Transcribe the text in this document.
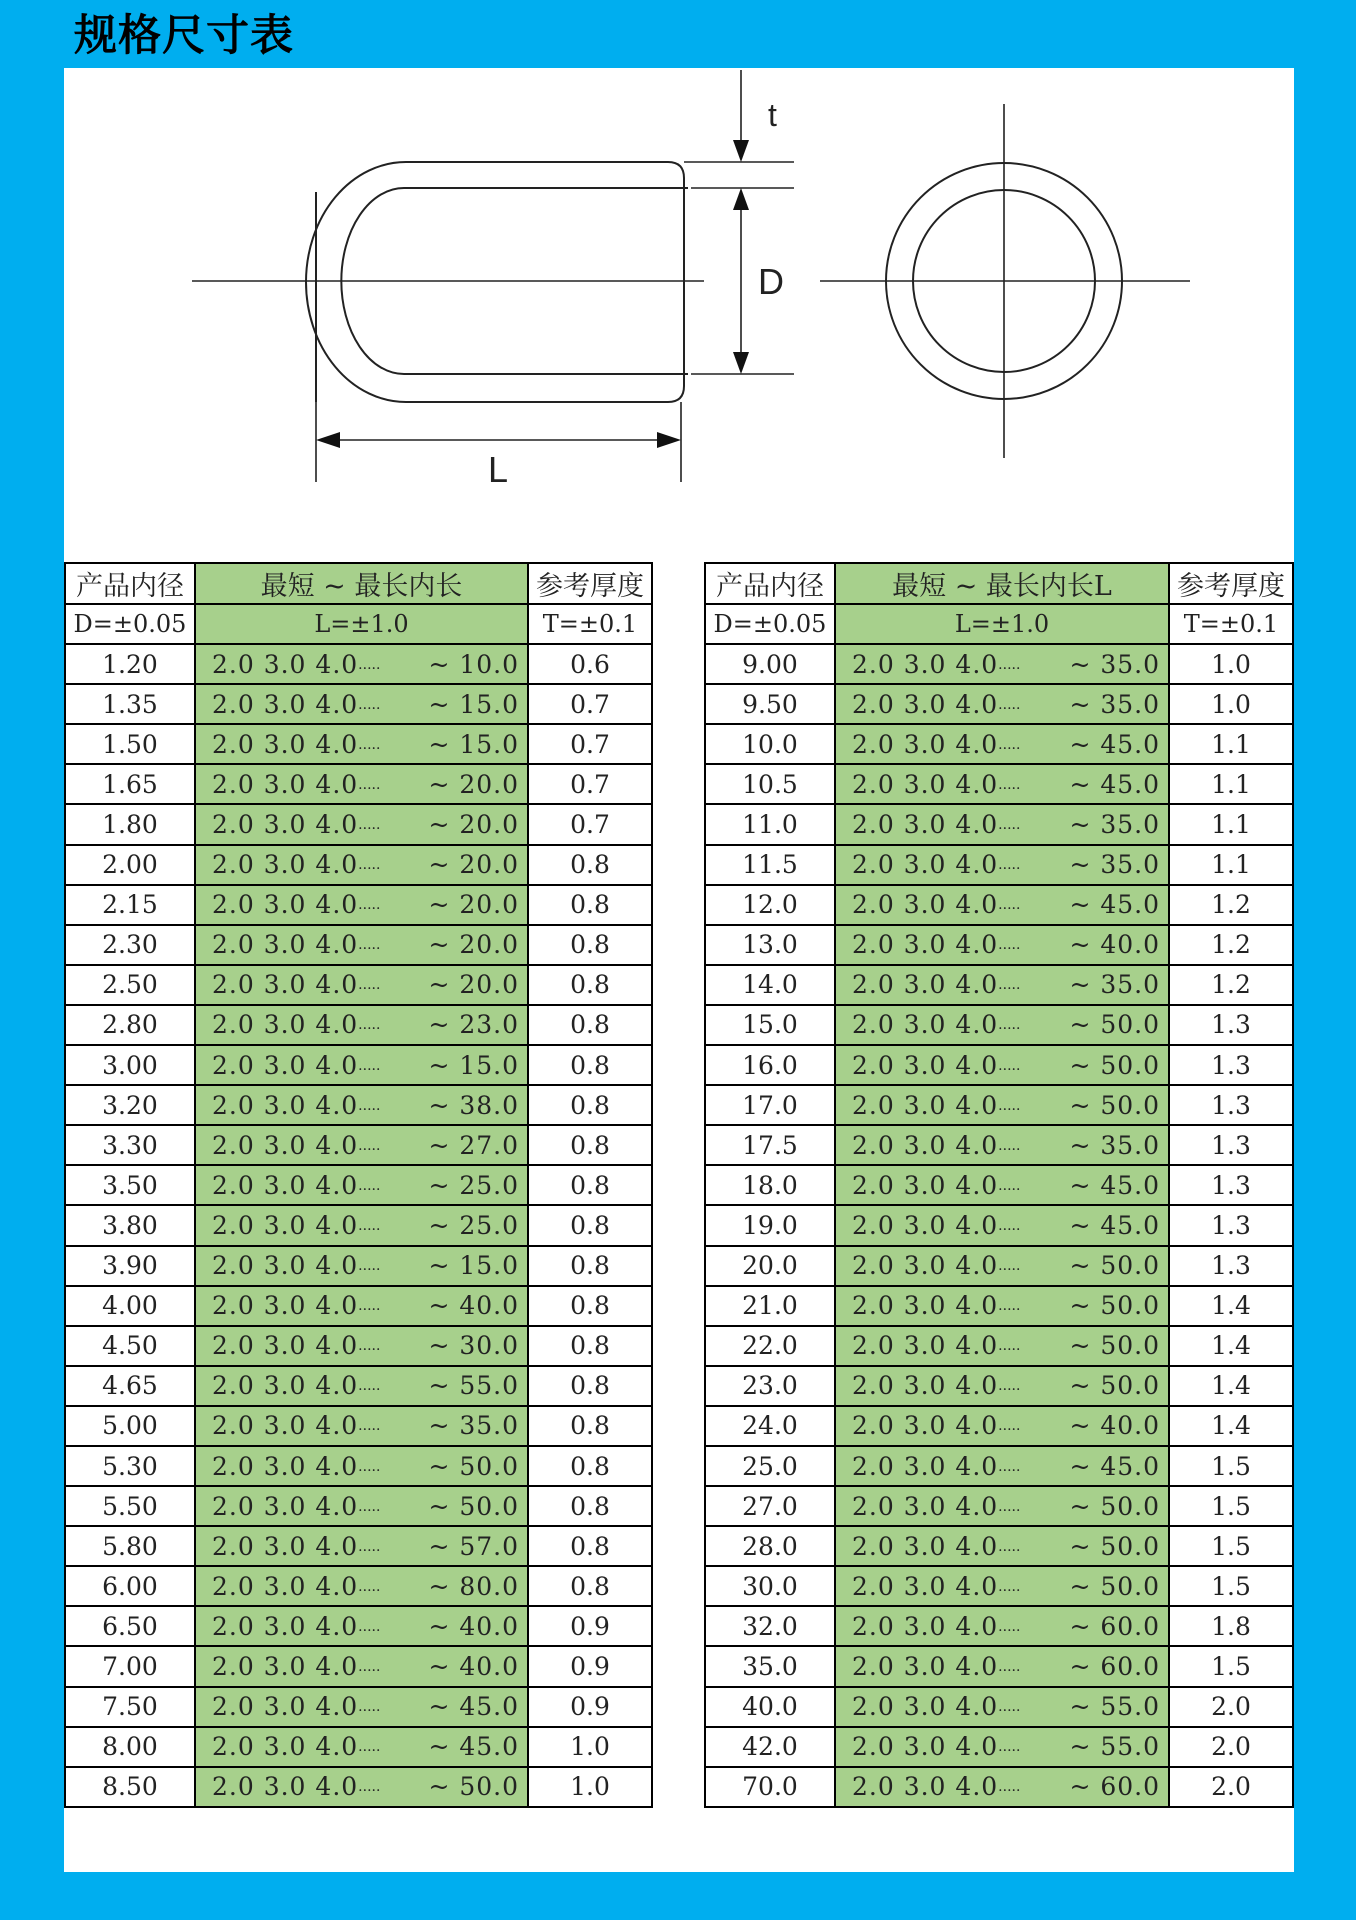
规格尺寸表
t
D
L
产品内径	最短 ~ 最长内长	参考厚度
D=±0.05	L=±1.0	T=±0.1
1.20	2.0 3.0 4.0····· ~ 10.0	0.6
1.35	2.0 3.0 4.0····· ~ 15.0	0.7
1.50	2.0 3.0 4.0····· ~ 15.0	0.7
1.65	2.0 3.0 4.0····· ~ 20.0	0.7
1.80	2.0 3.0 4.0····· ~ 20.0	0.7
2.00	2.0 3.0 4.0····· ~ 20.0	0.8
2.15	2.0 3.0 4.0····· ~ 20.0	0.8
2.30	2.0 3.0 4.0····· ~ 20.0	0.8
2.50	2.0 3.0 4.0····· ~ 20.0	0.8
2.80	2.0 3.0 4.0····· ~ 23.0	0.8
3.00	2.0 3.0 4.0····· ~ 15.0	0.8
3.20	2.0 3.0 4.0····· ~ 38.0	0.8
3.30	2.0 3.0 4.0····· ~ 27.0	0.8
3.50	2.0 3.0 4.0····· ~ 25.0	0.8
3.80	2.0 3.0 4.0····· ~ 25.0	0.8
3.90	2.0 3.0 4.0····· ~ 15.0	0.8
4.00	2.0 3.0 4.0····· ~ 40.0	0.8
4.50	2.0 3.0 4.0····· ~ 30.0	0.8
4.65	2.0 3.0 4.0····· ~ 55.0	0.8
5.00	2.0 3.0 4.0····· ~ 35.0	0.8
5.30	2.0 3.0 4.0····· ~ 50.0	0.8
5.50	2.0 3.0 4.0····· ~ 50.0	0.8
5.80	2.0 3.0 4.0····· ~ 57.0	0.8
6.00	2.0 3.0 4.0····· ~ 80.0	0.8
6.50	2.0 3.0 4.0····· ~ 40.0	0.9
7.00	2.0 3.0 4.0····· ~ 40.0	0.9
7.50	2.0 3.0 4.0····· ~ 45.0	0.9
8.00	2.0 3.0 4.0····· ~ 45.0	1.0
8.50	2.0 3.0 4.0····· ~ 50.0	1.0
产品内径	最短 ~ 最长内长L	参考厚度
D=±0.05	L=±1.0	T=±0.1
9.00	2.0 3.0 4.0····· ~ 35.0	1.0
9.50	2.0 3.0 4.0····· ~ 35.0	1.0
10.0	2.0 3.0 4.0····· ~ 45.0	1.1
10.5	2.0 3.0 4.0····· ~ 45.0	1.1
11.0	2.0 3.0 4.0····· ~ 35.0	1.1
11.5	2.0 3.0 4.0····· ~ 35.0	1.1
12.0	2.0 3.0 4.0····· ~ 45.0	1.2
13.0	2.0 3.0 4.0····· ~ 40.0	1.2
14.0	2.0 3.0 4.0····· ~ 35.0	1.2
15.0	2.0 3.0 4.0····· ~ 50.0	1.3
16.0	2.0 3.0 4.0····· ~ 50.0	1.3
17.0	2.0 3.0 4.0····· ~ 50.0	1.3
17.5	2.0 3.0 4.0····· ~ 35.0	1.3
18.0	2.0 3.0 4.0····· ~ 45.0	1.3
19.0	2.0 3.0 4.0····· ~ 45.0	1.3
20.0	2.0 3.0 4.0····· ~ 50.0	1.3
21.0	2.0 3.0 4.0····· ~ 50.0	1.4
22.0	2.0 3.0 4.0····· ~ 50.0	1.4
23.0	2.0 3.0 4.0····· ~ 50.0	1.4
24.0	2.0 3.0 4.0····· ~ 40.0	1.4
25.0	2.0 3.0 4.0····· ~ 45.0	1.5
27.0	2.0 3.0 4.0····· ~ 50.0	1.5
28.0	2.0 3.0 4.0····· ~ 50.0	1.5
30.0	2.0 3.0 4.0····· ~ 50.0	1.5
32.0	2.0 3.0 4.0····· ~ 60.0	1.8
35.0	2.0 3.0 4.0····· ~ 60.0	1.5
40.0	2.0 3.0 4.0····· ~ 55.0	2.0
42.0	2.0 3.0 4.0····· ~ 55.0	2.0
70.0	2.0 3.0 4.0····· ~ 60.0	2.0
